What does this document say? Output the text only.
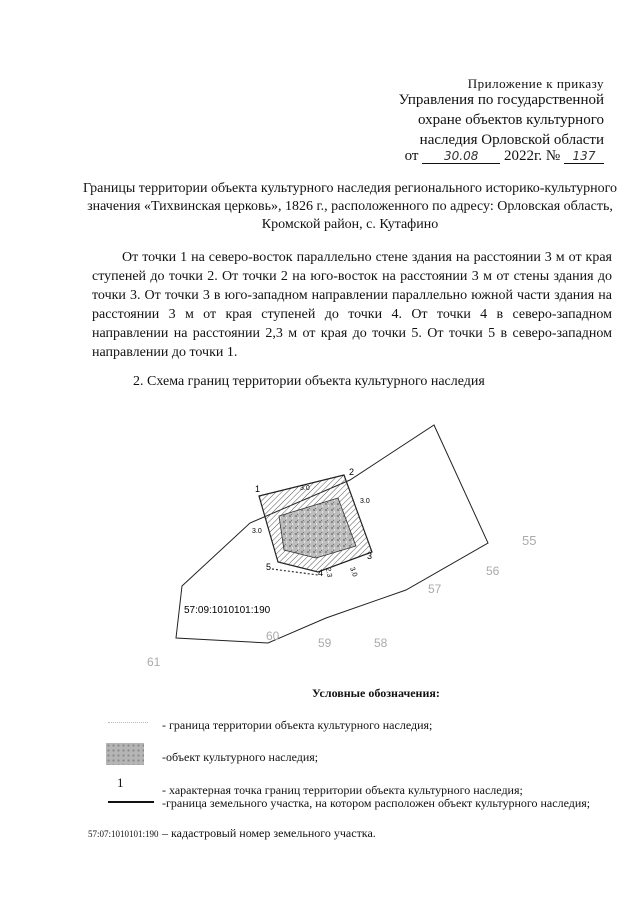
Приложение к приказу
Управления по государственной
охране объектов культурного
наследия Орловской области
от 30.08 2022г. № 137
Границы территории объекта культурного наследия регионального историко-культурного значения «Тихвинская церковь», 1826 г., расположенного по адресу: Орловская область, Кромской район, с. Кутафино
От точки 1 на северо-восток параллельно стене здания на расстоянии 3 м от края ступеней до точки 2. От точки 2 на юго-восток на расстоянии 3 м от стены здания до точки 3. От точки 3 в юго-западном направлении параллельно южной части здания на расстоянии 3 м от края ступеней до точки 4. От точки 4 в северо-западном направлении на расстоянии 2,3 м от края до точки 5. От точки 5 в северо-западном направлении до точки 1.
2. Схема границ территории объекта культурного наследия
1
2
3
4
5
3.0
3.0
3.0
2.3
3.0
57:09:1010101:190
55
56
57
60	59	58
61
Условные обозначения:
- граница территории объекта культурного наследия;
-объект культурного наследия;
1	- характерная точка границ территории объекта культурного наследия;
-граница земельного участка, на котором расположен объект культурного наследия;
57:07:1010101:190 – кадастровый номер земельного участка.
